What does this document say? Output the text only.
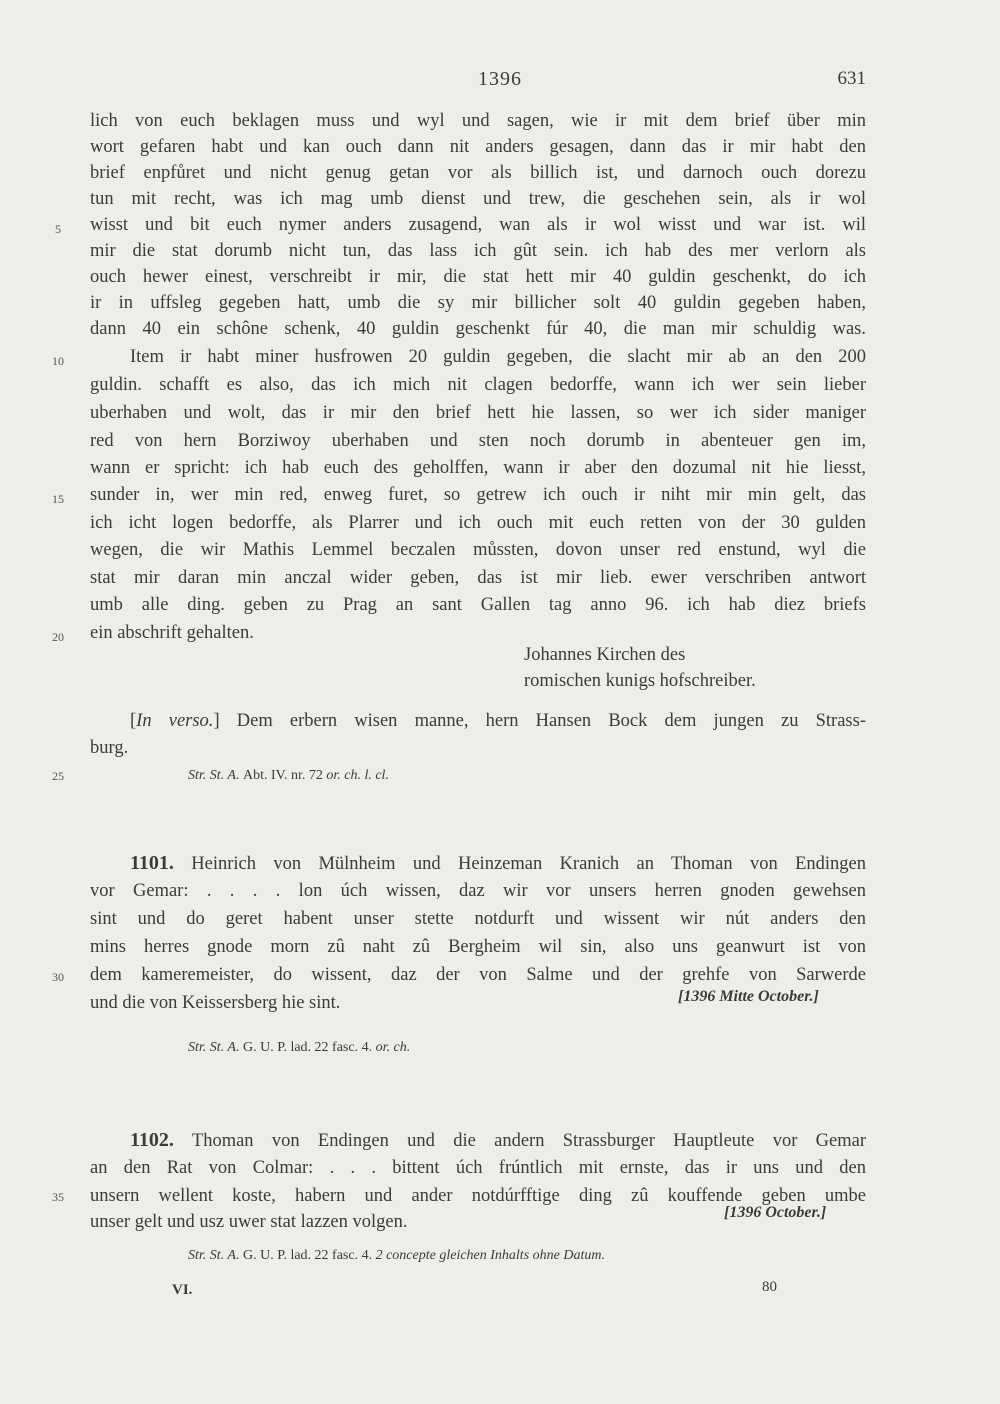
1396	631
lich von euch beklagen muss und wyl und sagen, wie ir mit dem brief über min
wort gefaren habt und kan ouch dann nit anders gesagen, dann das ir mir habt den
brief enpfůret und nicht genug getan vor als billich ist, und darnoch ouch dorezu
tun mit recht, was ich mag umb dienst und trew, die geschehen sein, als ir wol
wisst und bit euch nymer anders zusagend, wan als ir wol wisst und war ist. wil
mir die stat dorumb nicht tun, das lass ich gût sein. ich hab des mer verlorn als
ouch hewer einest, verschreibt ir mir, die stat hett mir 40 guldin geschenkt, do ich
ir in uffsleg gegeben hatt, umb die sy mir billicher solt 40 guldin gegeben haben,
dann 40 ein schône schenk, 40 guldin geschenkt fúr 40, die man mir schuldig was.
Item ir habt miner husfrowen 20 guldin gegeben, die slacht mir ab an den 200
guldin. schafft es also, das ich mich nit clagen bedorffe, wann ich wer sein lieber
uberhaben und wolt, das ir mir den brief hett hie lassen, so wer ich sider maniger
red von hern Borziwoy uberhaben und sten noch dorumb in abenteuer gen im,
wann er spricht: ich hab euch des geholffen, wann ir aber den dozumal nit hie liesst,
sunder in, wer min red, enweg furet, so getrew ich ouch ir niht mir min gelt, das
ich icht logen bedorffe, als Plarrer und ich ouch mit euch retten von der 30 gulden
wegen, die wir Mathis Lemmel beczalen můssten, dovon unser red enstund, wyl die
stat mir daran min anczal wider geben, das ist mir lieb. ewer verschriben antwort
umb alle ding. geben zu Prag an sant Gallen tag anno 96. ich hab diez briefs
ein abschrift gehalten.
Johannes Kirchen des
romischen kunigs hofschreiber.
[In verso.] Dem erbern wisen manne, hern Hansen Bock dem jungen zu Strass-
burg.
Str. St. A. Abt. IV. nr. 72 or. ch. l. cl.
1101. Heinrich von Mülnheim und Heinzeman Kranich an Thoman von Endingen
vor Gemar: . . . . lon úch wissen, daz wir vor unsers herren gnoden gewehsen
sint und do geret habent unser stette notdurft und wissent wir nút anders den
mins herres gnode morn zû naht zû Bergheim wil sin, also uns geanwurt ist von
dem kameremeister, do wissent, daz der von Salme und der grehfe von Sarwerde
und die von Keissersberg hie sint.	[1396 Mitte October.]
Str. St. A. G. U. P. lad. 22 fasc. 4. or. ch.
1102. Thoman von Endingen und die andern Strassburger Hauptleute vor Gemar
an den Rat von Colmar: . . . bittent úch frúntlich mit ernste, das ir uns und den
unsern wellent koste, habern und ander notdúrfftige ding zû kouffende geben umbe
unser gelt und usz uwer stat lazzen volgen.	[1396 October.]
Str. St. A. G. U. P. lad. 22 fasc. 4. 2 concepte gleichen Inhalts ohne Datum.
5
10
15
20
25
30
35
VI.	80
